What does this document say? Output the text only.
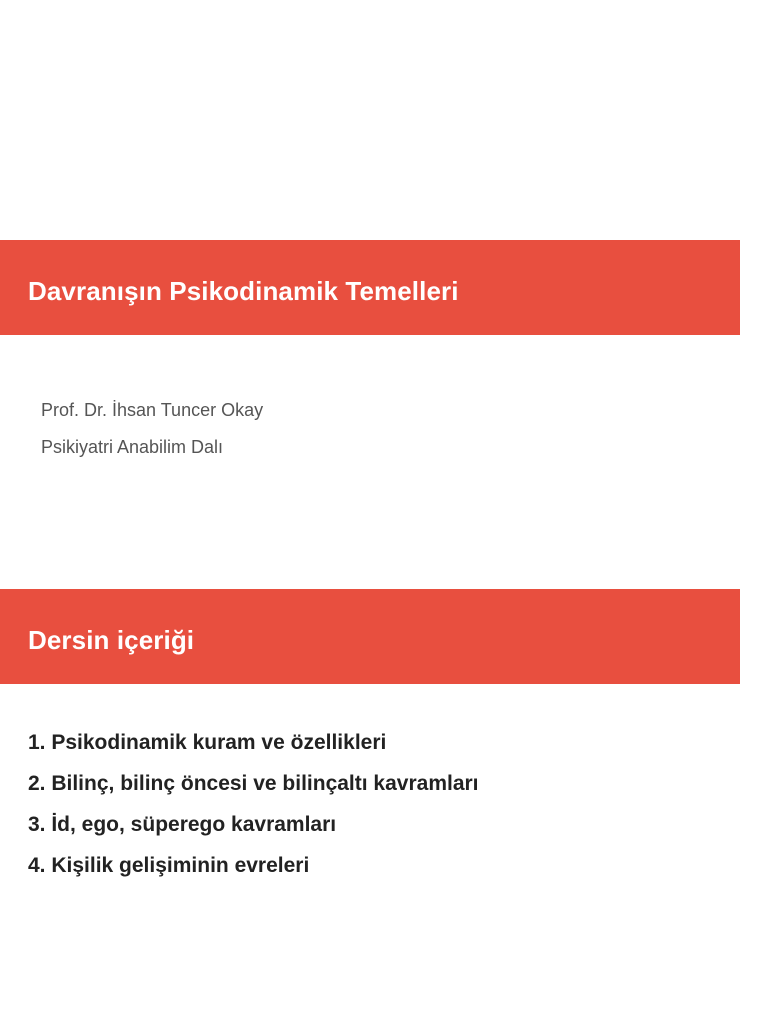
Davranışın Psikodinamik Temelleri
Prof. Dr. İhsan Tuncer Okay
Psikiyatri Anabilim Dalı
Dersin içeriği
1. Psikodinamik kuram ve özellikleri
2. Bilinç, bilinç öncesi ve bilinçaltı kavramları
3. İd, ego, süperego kavramları
4. Kişilik gelişiminin evreleri
